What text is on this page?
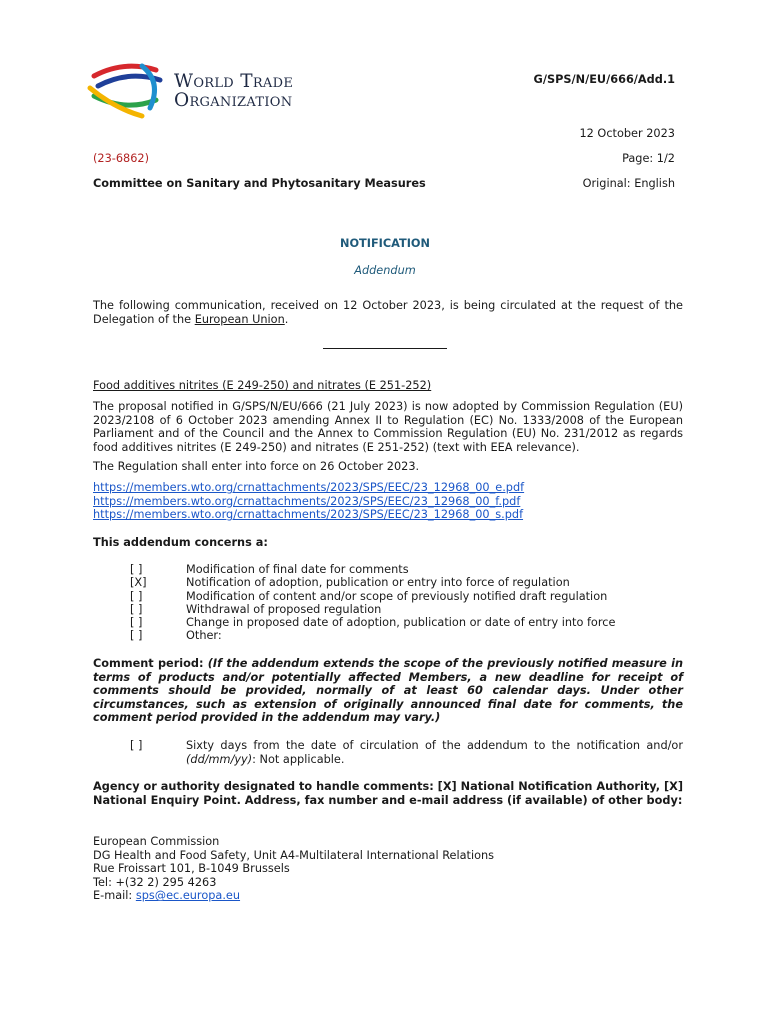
World Trade
Organization
G/SPS/N/EU/666/Add.1
12 October 2023
(23-6862)	Page: 1/2
Committee on Sanitary and Phytosanitary Measures	Original: English
NOTIFICATION
Addendum
The following communication, received on 12 October 2023, is being circulated at the request of the Delegation of the European Union.
Food additives nitrites (E 249-250) and nitrates (E 251-252)
The proposal notified in G/SPS/N/EU/666 (21 July 2023) is now adopted by Commission Regulation (EU) 2023/2108 of 6 October 2023 amending Annex II to Regulation (EC) No. 1333/2008 of the European Parliament and of the Council and the Annex to Commission Regulation (EU) No. 231/2012 as regards food additives nitrites (E 249-250) and nitrates (E 251-252) (text with EEA relevance).
The Regulation shall enter into force on 26 October 2023.
https://members.wto.org/crnattachments/2023/SPS/EEC/23_12968_00_e.pdf
https://members.wto.org/crnattachments/2023/SPS/EEC/23_12968_00_f.pdf
https://members.wto.org/crnattachments/2023/SPS/EEC/23_12968_00_s.pdf
This addendum concerns a:
[ ]	Modification of final date for comments
[X]	Notification of adoption, publication or entry into force of regulation
[ ]	Modification of content and/or scope of previously notified draft regulation
[ ]	Withdrawal of proposed regulation
[ ]	Change in proposed date of adoption, publication or date of entry into force
[ ]	Other:
Comment period: (If the addendum extends the scope of the previously notified measure in terms of products and/or potentially affected Members, a new deadline for receipt of comments should be provided, normally of at least 60 calendar days. Under other circumstances, such as extension of originally announced final date for comments, the comment period provided in the addendum may vary.)
[ ]	Sixty days from the date of circulation of the addendum to the notification and/or (dd/mm/yy): Not applicable.
Agency or authority designated to handle comments: [X] National Notification Authority, [X] National Enquiry Point. Address, fax number and e-mail address (if available) of other body:
European Commission
DG Health and Food Safety, Unit A4-Multilateral International Relations
Rue Froissart 101, B-1049 Brussels
Tel: +(32 2) 295 4263
E-mail: sps@ec.europa.eu
